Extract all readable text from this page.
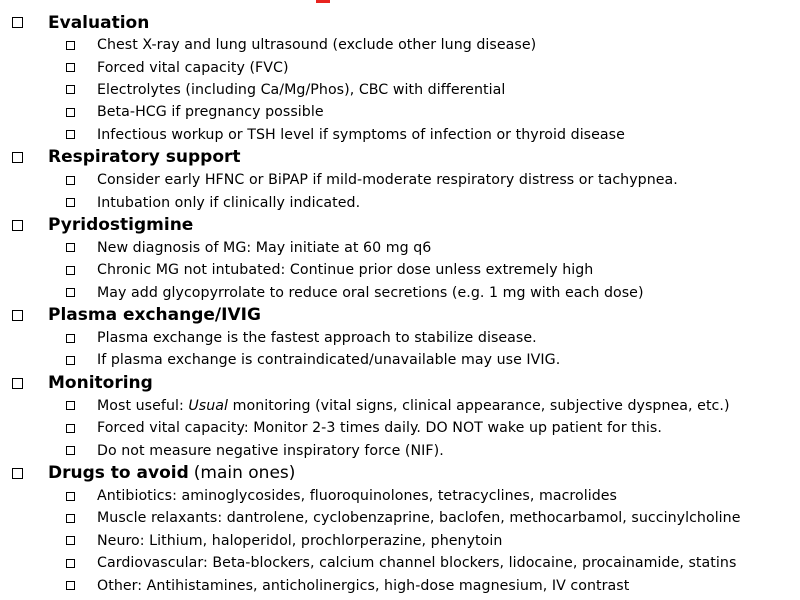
Evaluation
Chest X-ray and lung ultrasound (exclude other lung disease)
Forced vital capacity (FVC)
Electrolytes (including Ca/Mg/Phos), CBC with differential
Beta-HCG if pregnancy possible
Infectious workup or TSH level if symptoms of infection or thyroid disease
Respiratory support
Consider early HFNC or BiPAP if mild-moderate respiratory distress or tachypnea.
Intubation only if clinically indicated.
Pyridostigmine
New diagnosis of MG: May initiate at 60 mg q6
Chronic MG not intubated: Continue prior dose unless extremely high
May add glycopyrrolate to reduce oral secretions (e.g. 1 mg with each dose)
Plasma exchange/IVIG
Plasma exchange is the fastest approach to stabilize disease.
If plasma exchange is contraindicated/unavailable may use IVIG.
Monitoring
Most useful: Usual monitoring (vital signs, clinical appearance, subjective dyspnea, etc.)
Forced vital capacity: Monitor 2-3 times daily. DO NOT wake up patient for this.
Do not measure negative inspiratory force (NIF).
Drugs to avoid (main ones)
Antibiotics: aminoglycosides, fluoroquinolones, tetracyclines, macrolides
Muscle relaxants: dantrolene, cyclobenzaprine, baclofen, methocarbamol, succinylcholine
Neuro: Lithium, haloperidol, prochlorperazine, phenytoin
Cardiovascular: Beta-blockers, calcium channel blockers, lidocaine, procainamide, statins
Other: Antihistamines, anticholinergics, high-dose magnesium, IV contrast
